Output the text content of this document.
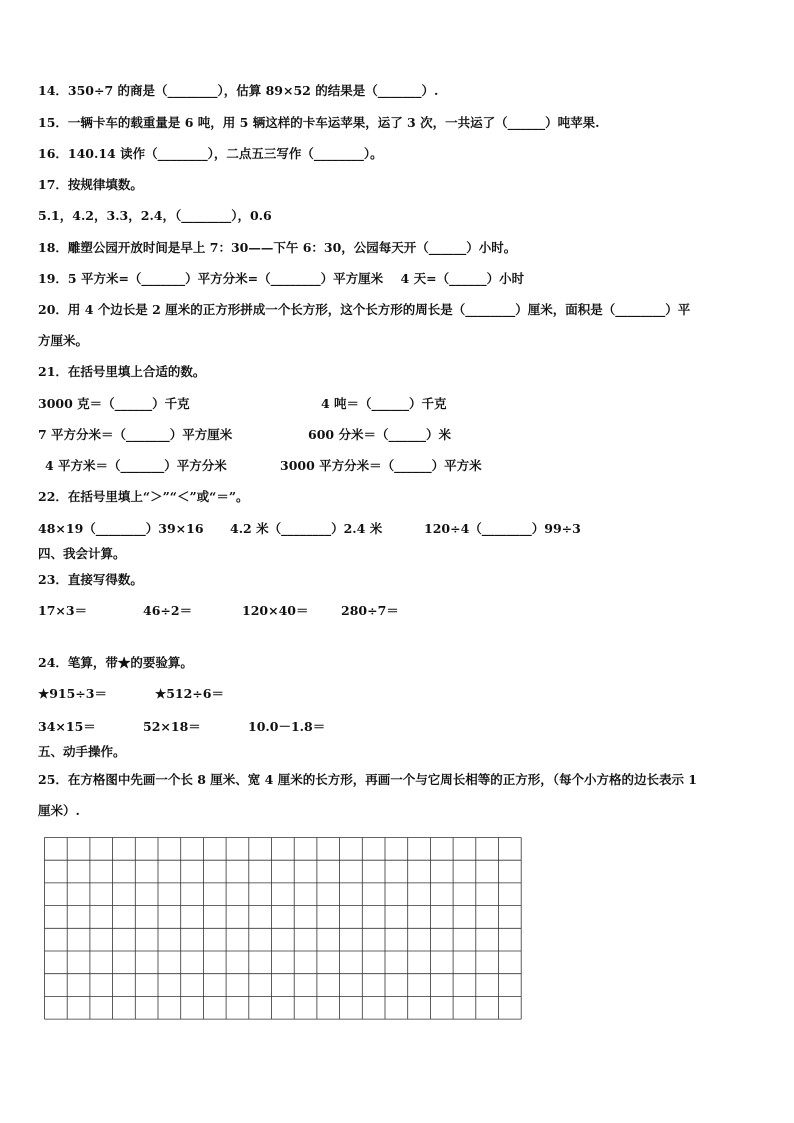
14．350÷7 的商是（________），估算 89×52 的结果是（_______）.
15．一辆卡车的载重量是 6 吨，用 5 辆这样的卡车运苹果，运了 3 次，一共运了（______）吨苹果.
16．140.14 读作（________），二点五三写作（________）。
17．按规律填数。
5.1，4.2，3.3，2.4，（________），0.6
18．雕塑公园开放时间是早上 7：30——下午 6：30，公园每天开（______）小时。
19．5 平方米=（_______）平方分米=（________）平方厘米    4 天=（______）小时
20．用 4 个边长是 2 厘米的正方形拼成一个长方形，这个长方形的周长是（________）厘米，面积是（________）平
方厘米。
21．在括号里填上合适的数。
3000 克＝（______）千克	4 吨＝（______）千克
7 平方分米＝（_______）平方厘米	600 分米＝（______）米
4 平方米＝（_______）平方分米	3000 平方分米＝（______）平方米
22．在括号里填上“＞”“＜”或“＝”。
48×19（________）39×16 4.2 米（________）2.4 米	120÷4（________）99÷3
四、我会计算。
23．直接写得数。
17×3＝	46÷2＝	120×40＝	280÷7＝
24．笔算，带★的要验算。
★915÷3＝	★512÷6＝
34×15＝	52×18＝	10.0－1.8＝
五、动手操作。
25．在方格图中先画一个长 8 厘米、宽 4 厘米的长方形，再画一个与它周长相等的正方形，（每个小方格的边长表示 1
厘米）.
